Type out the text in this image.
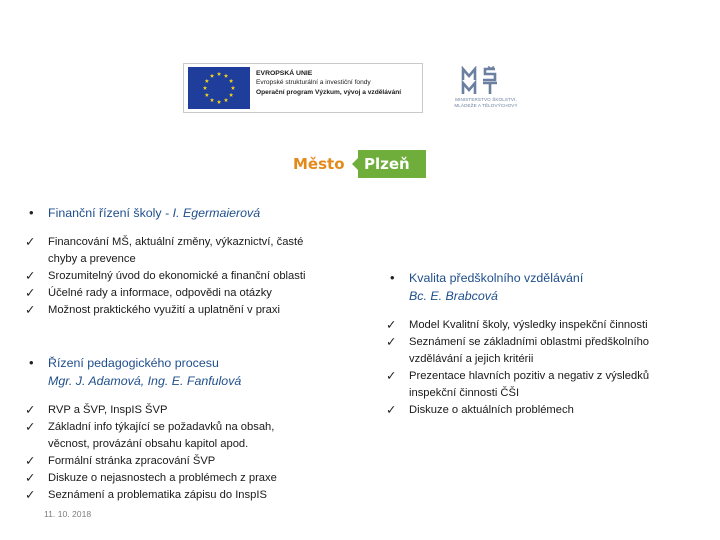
EVROPSKÁ UNIE
Evropské strukturální a investiční fondy
Operační program Výzkum, vývoj a vzdělávání
MINISTERSTVO ŠKOLSTVÍ,
MLÁDEŽE A TĚLOVÝCHOVY
Město Plzeň
•	Finanční řízení školy - I. Egermaierová
✓	Financování MŠ, aktuální změny, výkaznictví, časté
chyby a prevence
✓	Srozumitelný úvod do ekonomické a finanční oblasti
✓	Účelné rady a informace, odpovědi na otázky
✓	Možnost praktického využití a uplatnění v praxi
•	Řízení pedagogického procesu
Mgr. J. Adamová, Ing. E. Fanfulová
✓	RVP a ŠVP, InspIS ŠVP
✓	Základní info týkající se požadavků na obsah,
věcnost, provázání obsahu kapitol apod.
✓	Formální stránka zpracování ŠVP
✓	Diskuze o nejasnostech a problémech z praxe
✓	Seznámení a problematika zápisu do InspIS
•	Kvalita předškolního vzdělávání
Bc. E. Brabcová
✓	Model Kvalitní školy, výsledky inspekční činnosti
✓	Seznámení se základními oblastmi předškolního
vzdělávání a jejich kritérii
✓	Prezentace hlavních pozitiv a negativ z výsledků
inspekční činnosti ČŠI
✓	Diskuze o aktuálních problémech
11. 10. 2018
